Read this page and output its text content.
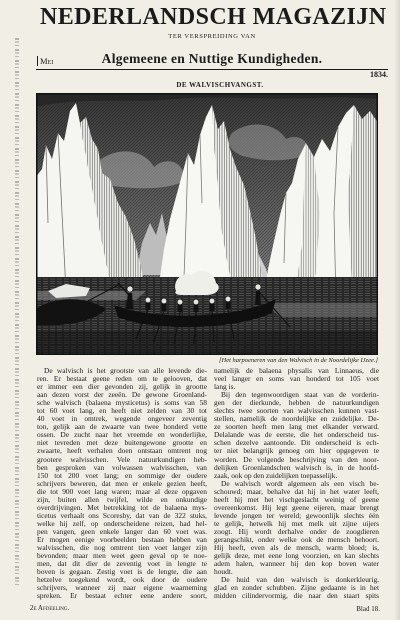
NEDERLANDSCH MAGAZIJN
TER VERSPREIDING VAN
Mei	Algemeene en Nuttige Kundigheden.
1834.
DE WALVISCHVANGST.
[Het harpoeneren van den Walvisch in de Noordelijke IJzee.]
De walvisch is het grootste van alle levende die-
ren. Er bestaat geene reden om te gelooven, dat
er immer een dier gevonden zij, gelijk in grootte
aan dezen vorst der zeeën. De gewone Groenland-
sche walvisch (balaena mysticetus) is soms van 58
tot 60 voet lang, en heeft niet zelden van 30 tot
40 voet in omtrek, wegende ongeveer zeventig
ton, gelijk aan de zwaarte van twee honderd vette
ossen. De zucht naar het vreemde en wonderlijke,
niet tevreden met deze buitengewone grootte en
zwaarte, heeft verhalen doen ontstaan omtrent nog
grootere walvisschen. Vele natuurkundigen heb-
ben gesproken van volwassen walvisschen, van
150 tot 200 voet lang; en sommige der oudere
schrijvers beweren, dat men er enkele gezien heeft,
die tot 900 voet lang waren; maar al deze opgaven
zijn, buiten allen twijfel, wilde en onkundige
overdrijvingen. Met betrekking tot de balaena mys-
ticetus verhaalt ons Scoresby, dat van de 322 stuks,
welke hij zelf, op onderscheidene reizen, had hel-
pen vangen, geen enkele langer dan 60 voet was.
Er mogen eenige voorbeelden bestaan hebben van
walvisschen, die nog omtrent tien voet langer zijn
bevonden; maar men weet geen geval op te noe-
men, dat dit dier de zeventig voet in lengte te
boven is gegaan. Zestig voet is de lengte, die aan
hetzelve toegekend wordt, ook door de oudere
schrijvers, wanneer zij naar eigene waarneming
spreken. Er bestaat echter eene andere soort,
namelijk de balaena physalis van Linnaeus, die
veel langer en soms van honderd tot 105 voet
lang is.
Bij den tegenwoordigen staat van de vorderin-
gen der dierkunde, hebben de natuurkundigen
slechts twee soorten van walvisschen kunnen vast-
stellen, namelijk de noordelijke en zuidelijke. De-
ze soorten heeft men lang met elkander verward.
Delalande was de eerste, die het onderscheid tus-
schen dezelve aantoonde. Dit onderscheid is ech-
ter niet belangrijk genoeg om hier opgegeven te
worden. De volgende beschrijving van den noor-
delijken Groenlandschen walvisch is, in de hoofd-
zaak, ook op den zuidelijken toepasselijk.
De walvisch wordt algemeen als een visch be-
schouwd; maar, behalve dat hij in het water leeft,
heeft hij met het vischgeslacht weinig of geene
overeenkomst. Hij legt geene eijeren, maar brengt
levende jongen ter wereld; gewoonlijk slechts één
te gelijk, hetwelk hij met melk uit zijne uijers
zoogt. Hij wordt derhalve onder de zoogdieren
gerangschikt, onder welke ook de mensch behoort.
Hij heeft, even als de mensch, warm bloed; is,
gelijk deze, met eene long voorzien, en kan slechts
adem halen, wanneer hij den kop boven water
houdt.
De huid van den walvisch is donkerkleurig,
glad en zonder schubben. Zijne gedaante is in het
midden cilindervormig, die naar den staart spits
2e Afdeeling.	Blad 18.
